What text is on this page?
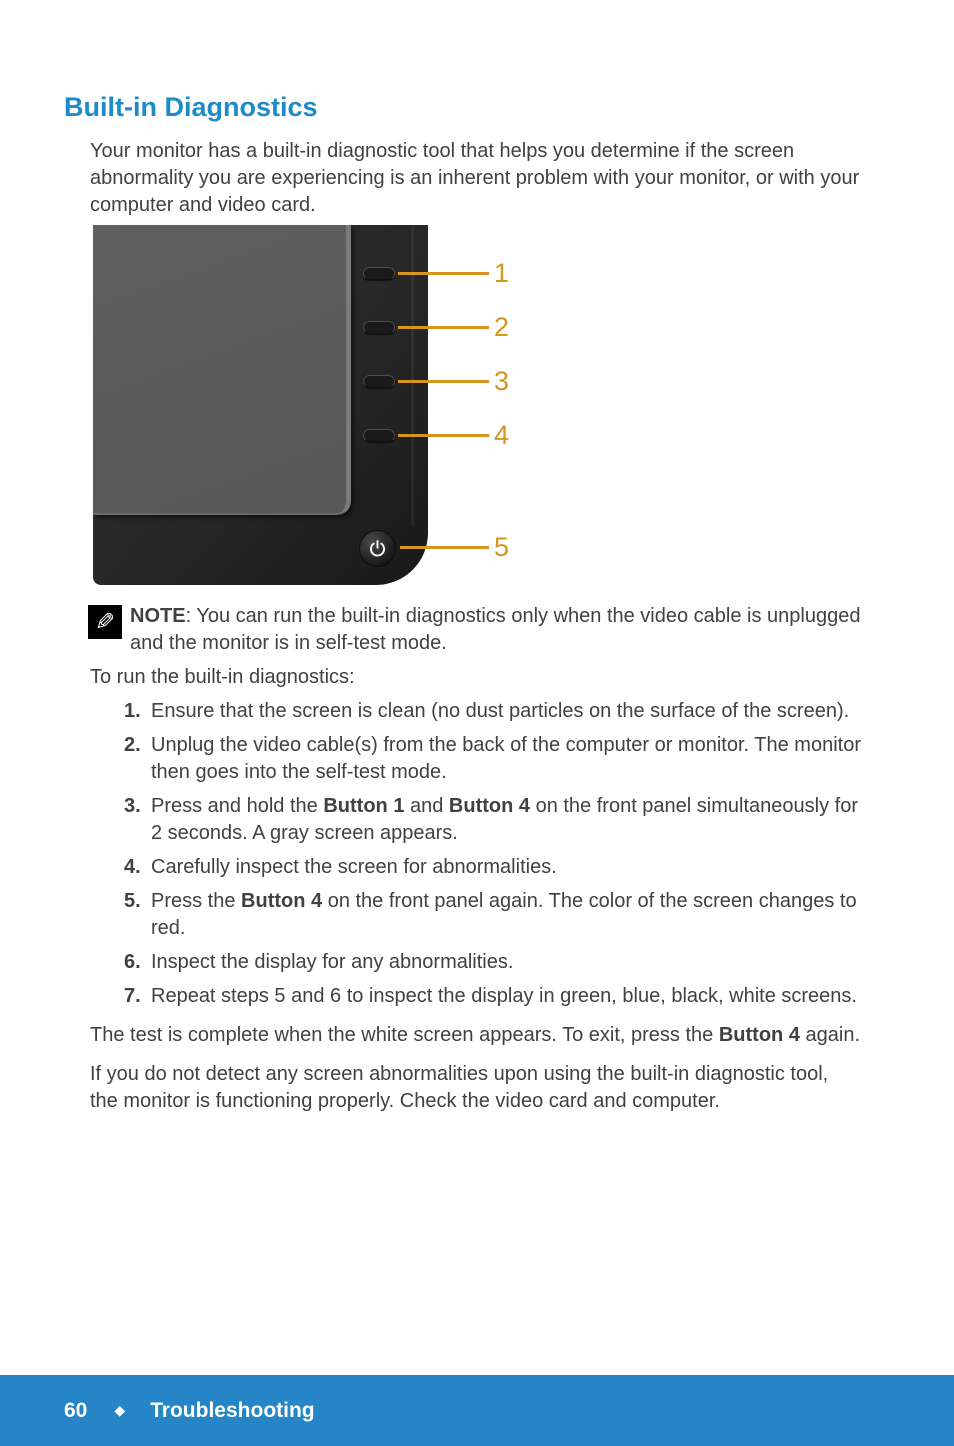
Built-in Diagnostics

Your monitor has a built-in diagnostic tool that helps you determine if the screen abnormality you are experiencing is an inherent problem with your monitor, or with your computer and video card.

1
2
3
4
5
✎ NOTE: You can run the built-in diagnostics only when the video cable is unplugged and the monitor is in self-test mode.

To run the built-in diagnostics:

1. Ensure that the screen is clean (no dust particles on the surface of the screen).
2. Unplug the video cable(s) from the back of the computer or monitor. The monitor then goes into the self-test mode.
3. Press and hold the Button 1 and Button 4 on the front panel simultaneously for 2 seconds. A gray screen appears.
4. Carefully inspect the screen for abnormalities.
5. Press the Button 4 on the front panel again. The color of the screen changes to red.
6. Inspect the display for any abnormalities.
7. Repeat steps 5 and 6 to inspect the display in green, blue, black, white screens.

The test is complete when the white screen appears. To exit, press the Button 4 again.

If you do not detect any screen abnormalities upon using the built-in diagnostic tool, the monitor is functioning properly. Check the video card and computer.

60 ◆ Troubleshooting
